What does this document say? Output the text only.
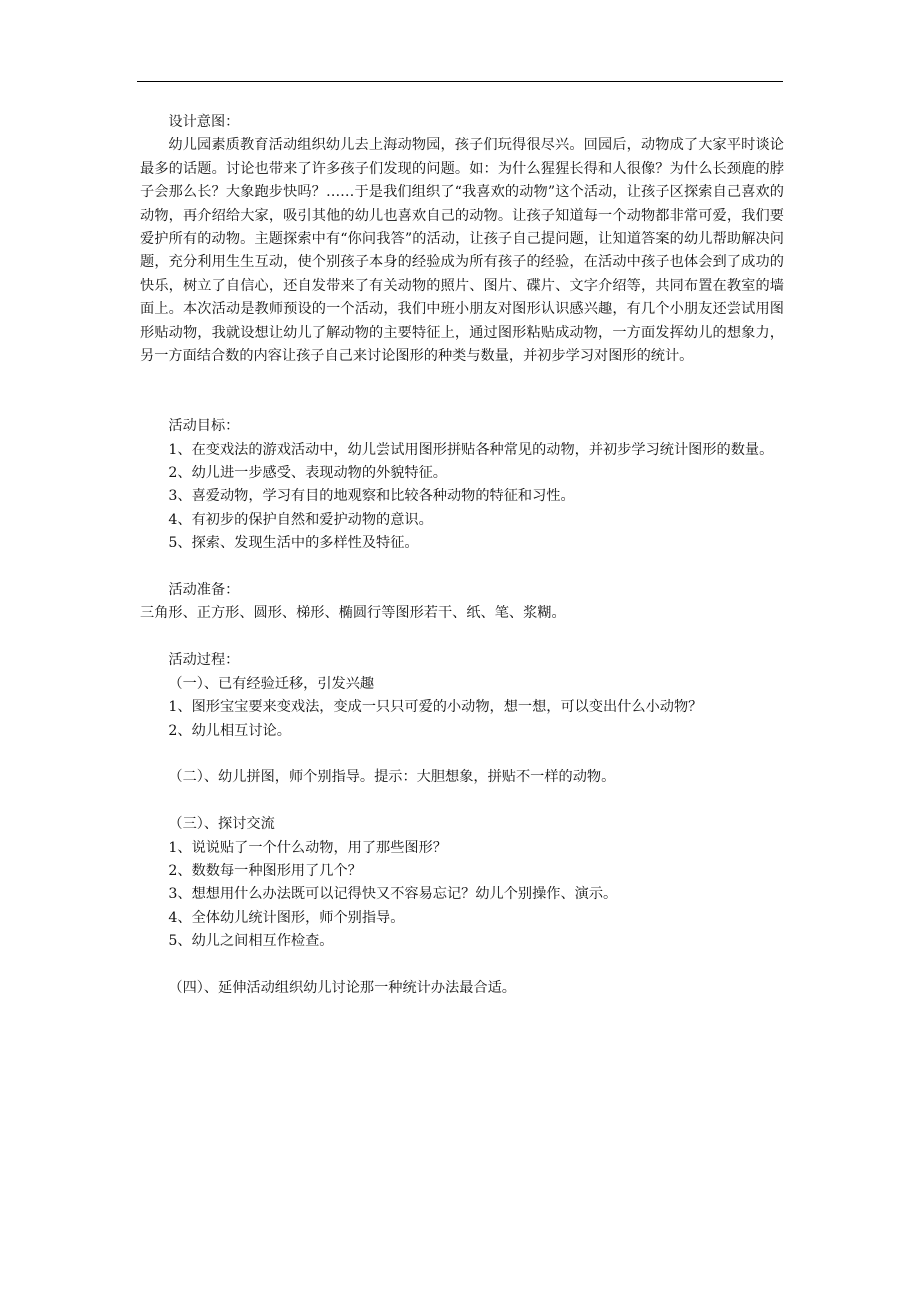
设计意图：

幼儿园素质教育活动组织幼儿去上海动物园，孩子们玩得很尽兴。回园后，动物成了大家平时谈论最多的话题。讨论也带来了许多孩子们发现的问题。如：为什么猩猩长得和人很像？为什么长颈鹿的脖子会那么长？大象跑步快吗？……于是我们组织了“我喜欢的动物”这个活动，让孩子区探索自己喜欢的动物，再介绍给大家，吸引其他的幼儿也喜欢自己的动物。让孩子知道每一个动物都非常可爱，我们要爱护所有的动物。主题探索中有“你问我答”的活动，让孩子自己提问题，让知道答案的幼儿帮助解决问题，充分利用生生互动，使个别孩子本身的经验成为所有孩子的经验，在活动中孩子也体会到了成功的快乐，树立了自信心，还自发带来了有关动物的照片、图片、碟片、文字介绍等，共同布置在教室的墙面上。本次活动是教师预设的一个活动，我们中班小朋友对图形认识感兴趣，有几个小朋友还尝试用图形贴动物，我就设想让幼儿了解动物的主要特征上，通过图形粘贴成动物，一方面发挥幼儿的想象力，另一方面结合数的内容让孩子自己来讨论图形的种类与数量，并初步学习对图形的统计。

活动目标：

1、在变戏法的游戏活动中，幼儿尝试用图形拼贴各种常见的动物，并初步学习统计图形的数量。

2、幼儿进一步感受、表现动物的外貌特征。

3、喜爱动物，学习有目的地观察和比较各种动物的特征和习性。

4、有初步的保护自然和爱护动物的意识。

5、探索、发现生活中的多样性及特征。

活动准备：

三角形、正方形、圆形、梯形、椭圆行等图形若干、纸、笔、浆糊。

活动过程：

（一）、已有经验迁移，引发兴趣

1、图形宝宝要来变戏法，变成一只只可爱的小动物，想一想，可以变出什么小动物？

2、幼儿相互讨论。

（二）、幼儿拼图，师个别指导。提示：大胆想象，拼贴不一样的动物。

（三）、探讨交流

1、说说贴了一个什么动物，用了那些图形？

2、数数每一种图形用了几个？

3、想想用什么办法既可以记得快又不容易忘记？幼儿个别操作、演示。

4、全体幼儿统计图形，师个别指导。

5、幼儿之间相互作检查。

（四）、延伸活动组织幼儿讨论那一种统计办法最合适。
